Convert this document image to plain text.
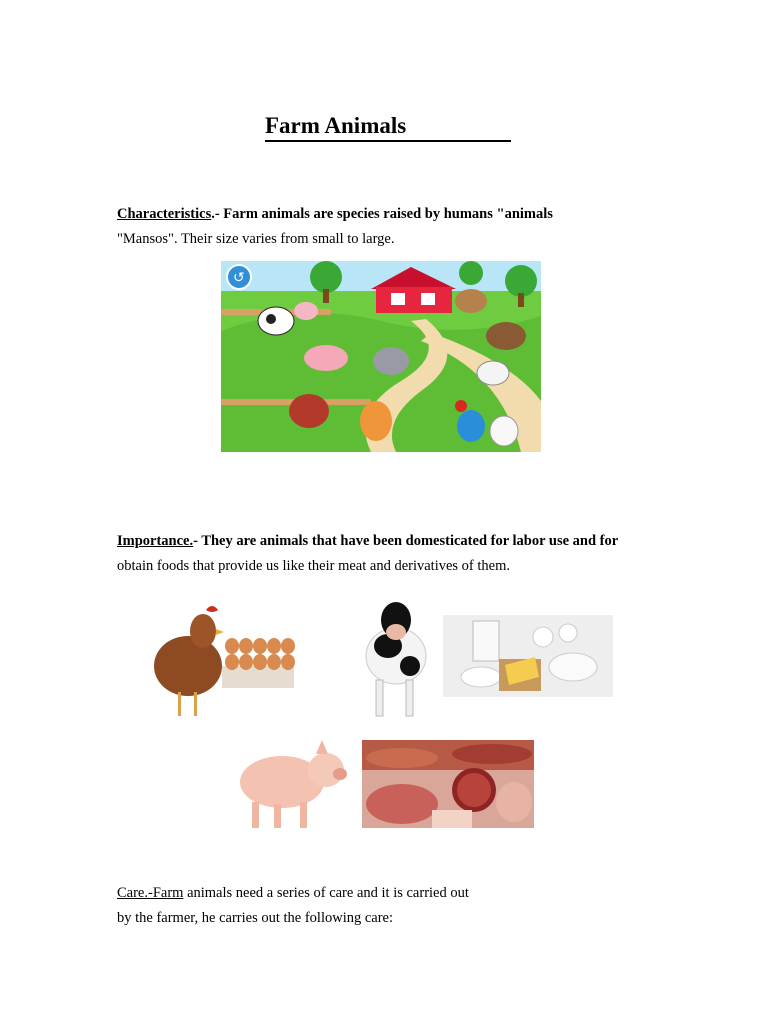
Farm Animals
Characteristics.- Farm animals are species raised by humans "animals
"Mansos". Their size varies from small to large.
↺
Importance.- They are animals that have been domesticated for labor use and for
obtain foods that provide us like their meat and derivatives of them.
Care.-Farm animals need a series of care and it is carried out
by the farmer, he carries out the following care:
